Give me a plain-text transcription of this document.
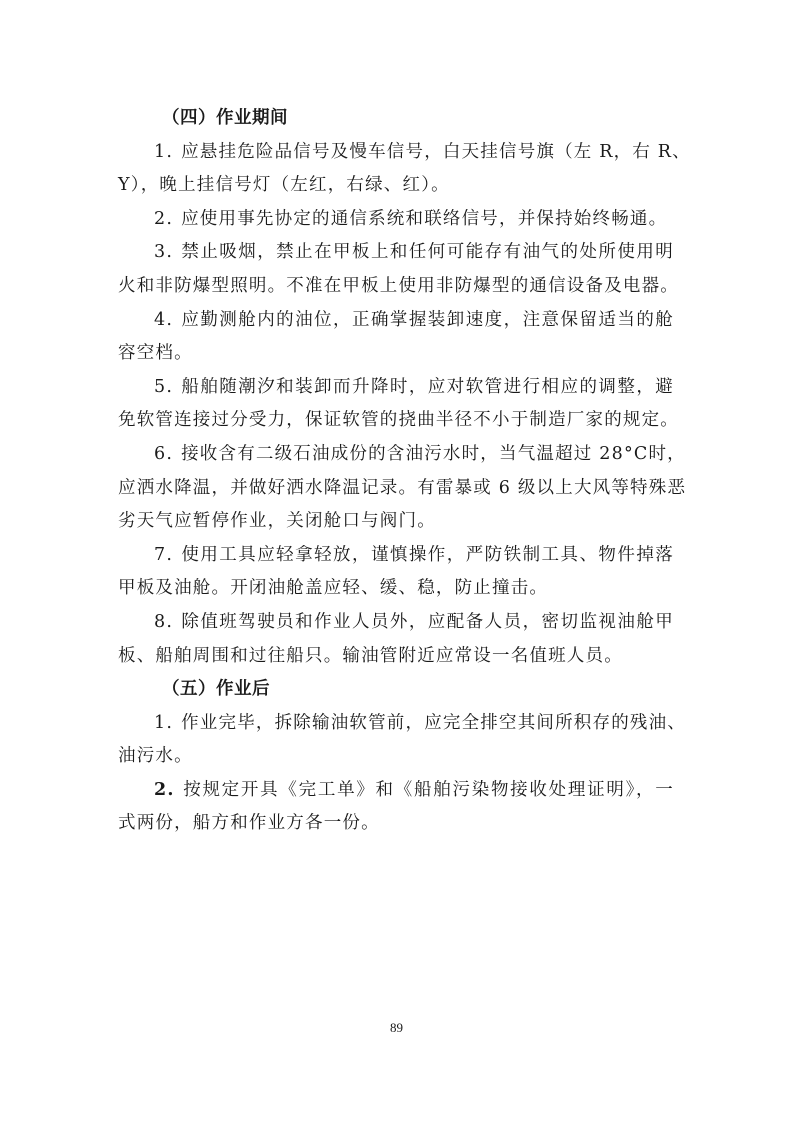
（四）作业期间
1. 应悬挂危险品信号及慢车信号，白天挂信号旗（左 R，右 R、
Y），晚上挂信号灯（左红，右绿、红）。
2. 应使用事先协定的通信系统和联络信号，并保持始终畅通。
3. 禁止吸烟，禁止在甲板上和任何可能存有油气的处所使用明
火和非防爆型照明。不准在甲板上使用非防爆型的通信设备及电器。
4. 应勤测舱内的油位，正确掌握装卸速度，注意保留适当的舱
容空档。
5. 船舶随潮汐和装卸而升降时，应对软管进行相应的调整，避
免软管连接过分受力，保证软管的挠曲半径不小于制造厂家的规定。
6. 接收含有二级石油成份的含油污水时，当气温超过 28°C时，
应洒水降温，并做好洒水降温记录。有雷暴或 6 级以上大风等特殊恶
劣天气应暂停作业，关闭舱口与阀门。
7. 使用工具应轻拿轻放，谨慎操作，严防铁制工具、物件掉落
甲板及油舱。开闭油舱盖应轻、缓、稳，防止撞击。
8. 除值班驾驶员和作业人员外，应配备人员，密切监视油舱甲
板、船舶周围和过往船只。输油管附近应常设一名值班人员。
（五）作业后
1. 作业完毕，拆除输油软管前，应完全排空其间所积存的残油、
油污水。
2. 按规定开具《完工单》和《船舶污染物接收处理证明》，一
式两份，船方和作业方各一份。
89
